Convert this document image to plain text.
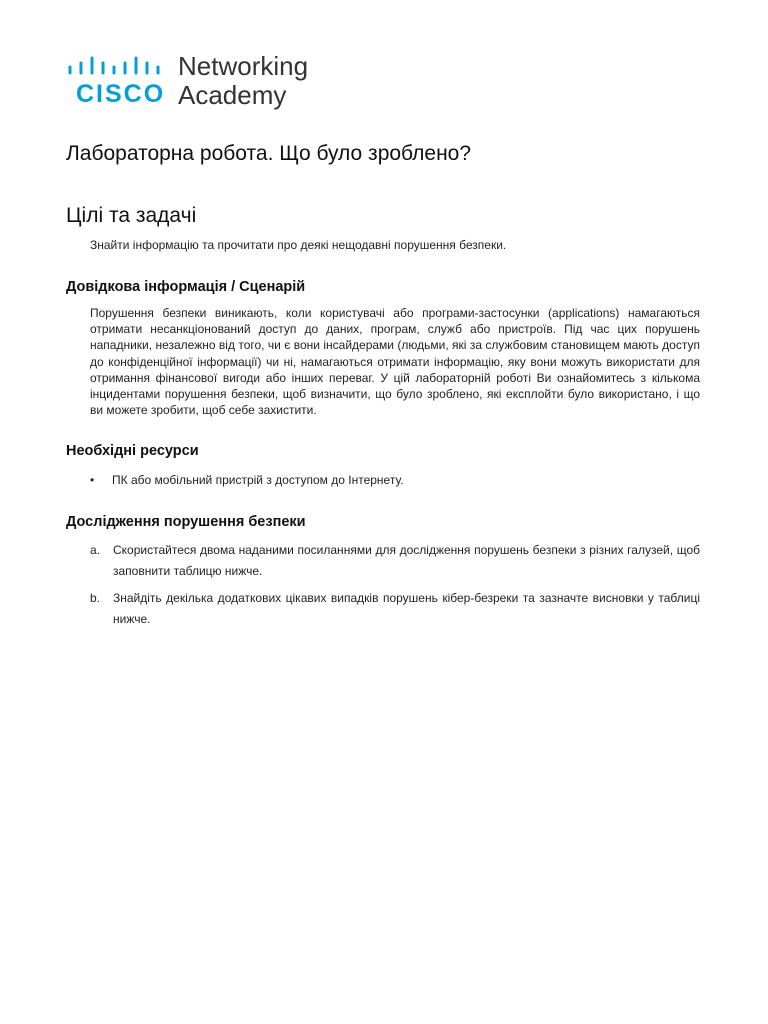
CISCO
Networking
Academy
Лабораторна робота. Що було зроблено?
Цілі та задачі
Знайти інформацію та прочитати про деякі нещодавні порушення безпеки.
Довідкова інформація / Сценарій
Порушення безпеки виникають, коли користувачі або програми-застосунки (applications) намагаються отримати несанкціонований доступ до даних, програм, служб або пристроїв. Під час цих порушень нападники, незалежно від того, чи є вони інсайдерами (людьми, які за службовим становищем мають доступ до конфіденційної інформації) чи ні, намагаються отримати інформацію, яку вони можуть використати для отримання фінансової вигоди або інших переваг. У цій лабораторній роботі Ви ознайомитесь з кількома інцидентами порушення безпеки, щоб визначити, що було зроблено, які експлойти було використано, і що ви можете зробити, щоб себе захистити.
Необхідні ресурси
• ПК або мобільний пристрій з доступом до Інтернету.
Дослідження порушення безпеки
a. Скористайтеся двома наданими посиланнями для дослідження порушень безпеки з різних галузей, щоб заповнити таблицю нижче.
b. Знайдіть декілька додаткових цікавих випадків порушень кібер-безреки та зазначте висновки у таблиці нижче.
